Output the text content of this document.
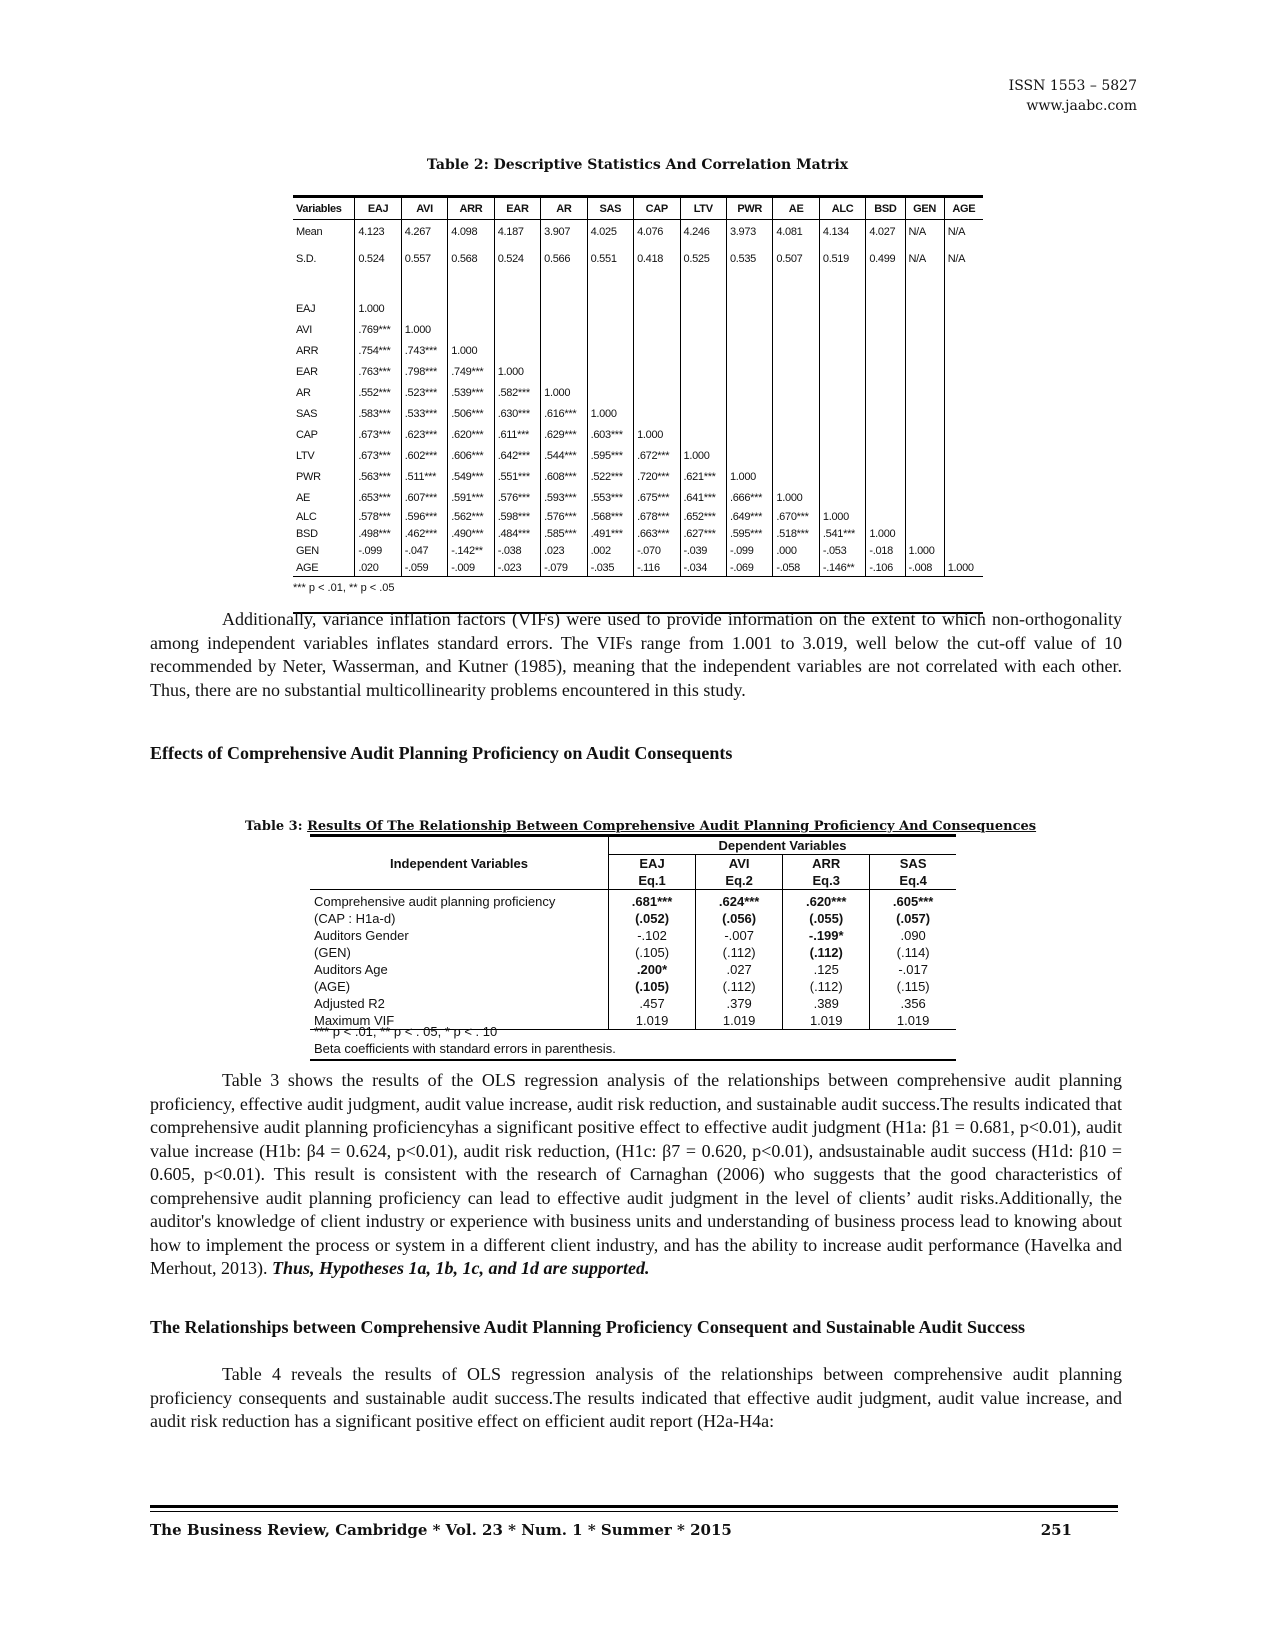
ISSN 1553 – 5827
www.jaabc.com
Table 2: Descriptive Statistics And Correlation Matrix
Variables	EAJ	AVI	ARR	EAR	AR	SAS	CAP	LTV	PWR	AE	ALC	BSD	GEN	AGE
Mean	4.123	4.267	4.098	4.187	3.907	4.025	4.076	4.246	3.973	4.081	4.134	4.027	N/A	N/A
S.D.	0.524	0.557	0.568	0.524	0.566	0.551	0.418	0.525	0.535	0.507	0.519	0.499	N/A	N/A

EAJ	1.000													
AVI	.769***	1.000												
ARR	.754***	.743***	1.000											
EAR	.763***	.798***	.749***	1.000										
AR	.552***	.523***	.539***	.582***	1.000									
SAS	.583***	.533***	.506***	.630***	.616***	1.000								
CAP	.673***	.623***	.620***	.611***	.629***	.603***	1.000							
LTV	.673***	.602***	.606***	.642***	.544***	.595***	.672***	1.000						
PWR	.563***	.511***	.549***	.551***	.608***	.522***	.720***	.621***	1.000					
AE	.653***	.607***	.591***	.576***	.593***	.553***	.675***	.641***	.666***	1.000				
ALC	.578***	.596***	.562***	.598***	.576***	.568***	.678***	.652***	.649***	.670***	1.000			
BSD	.498***	.462***	.490***	.484***	.585***	.491***	.663***	.627***	.595***	.518***	.541***	1.000		
GEN	-.099	-.047	-.142**	-.038	.023	.002	-.070	-.039	-.099	.000	-.053	-.018	1.000	
AGE	.020	-.059	-.009	-.023	-.079	-.035	-.116	-.034	-.069	-.058	-.146**	-.106	-.008	1.000
*** p < .01, ** p < .05
Additionally, variance inflation factors (VIFs) were used to provide information on the extent to which non-orthogonality among independent variables inflates standard errors. The VIFs range from 1.001 to 3.019, well below the cut-off value of 10 recommended by Neter, Wasserman, and Kutner (1985), meaning that the independent variables are not correlated with each other. Thus, there are no substantial multicollinearity problems encountered in this study.
Effects of Comprehensive Audit Planning Proficiency on Audit Consequents
Table 3: Results Of The Relationship Between Comprehensive Audit Planning Proficiency And Consequences
Independent Variables	Dependent Variables			
	EAJ	AVI	ARR	SAS
	Eq.1	Eq.2	Eq.3	Eq.4
Comprehensive audit planning proficiency	.681***	.624***	.620***	.605***
(CAP : H1a-d)	(.052)	(.056)	(.055)	(.057)
Auditors Gender	-.102	-.007	-.199*	.090
(GEN)	(.105)	(.112)	(.112)	(.114)
Auditors Age	.200*	.027	.125	-.017
(AGE)	(.105)	(.112)	(.112)	(.115)
Adjusted R2	.457	.379	.389	.356
Maximum VIF	1.019	1.019	1.019	1.019
*** p < .01, ** p < . 05, * p < . 10
Beta coefficients with standard errors in parenthesis.
Table 3 shows the results of the OLS regression analysis of the relationships between comprehensive audit planning proficiency, effective audit judgment, audit value increase, audit risk reduction, and sustainable audit success.The results indicated that comprehensive audit planning proficiencyhas a significant positive effect to effective audit judgment (H1a: β1 = 0.681, p<0.01), audit value increase (H1b: β4 = 0.624, p<0.01), audit risk reduction, (H1c: β7 = 0.620, p<0.01), andsustainable audit success (H1d: β10 = 0.605, p<0.01). This result is consistent with the research of Carnaghan (2006) who suggests that the good characteristics of comprehensive audit planning proficiency can lead to effective audit judgment in the level of clients’ audit risks.Additionally, the auditor's knowledge of client industry or experience with business units and understanding of business process lead to knowing about how to implement the process or system in a different client industry, and has the ability to increase audit performance (Havelka and Merhout, 2013). Thus, Hypotheses 1a, 1b, 1c, and 1d are supported.
The Relationships between Comprehensive Audit Planning Proficiency Consequent and Sustainable Audit Success
Table 4 reveals the results of OLS regression analysis of the relationships between comprehensive audit planning proficiency consequents and sustainable audit success.The results indicated that effective audit judgment, audit value increase, and audit risk reduction has a significant positive effect on efficient audit report (H2a-H4a:
The Business Review, Cambridge * Vol. 23 * Num. 1 * Summer * 2015	251
